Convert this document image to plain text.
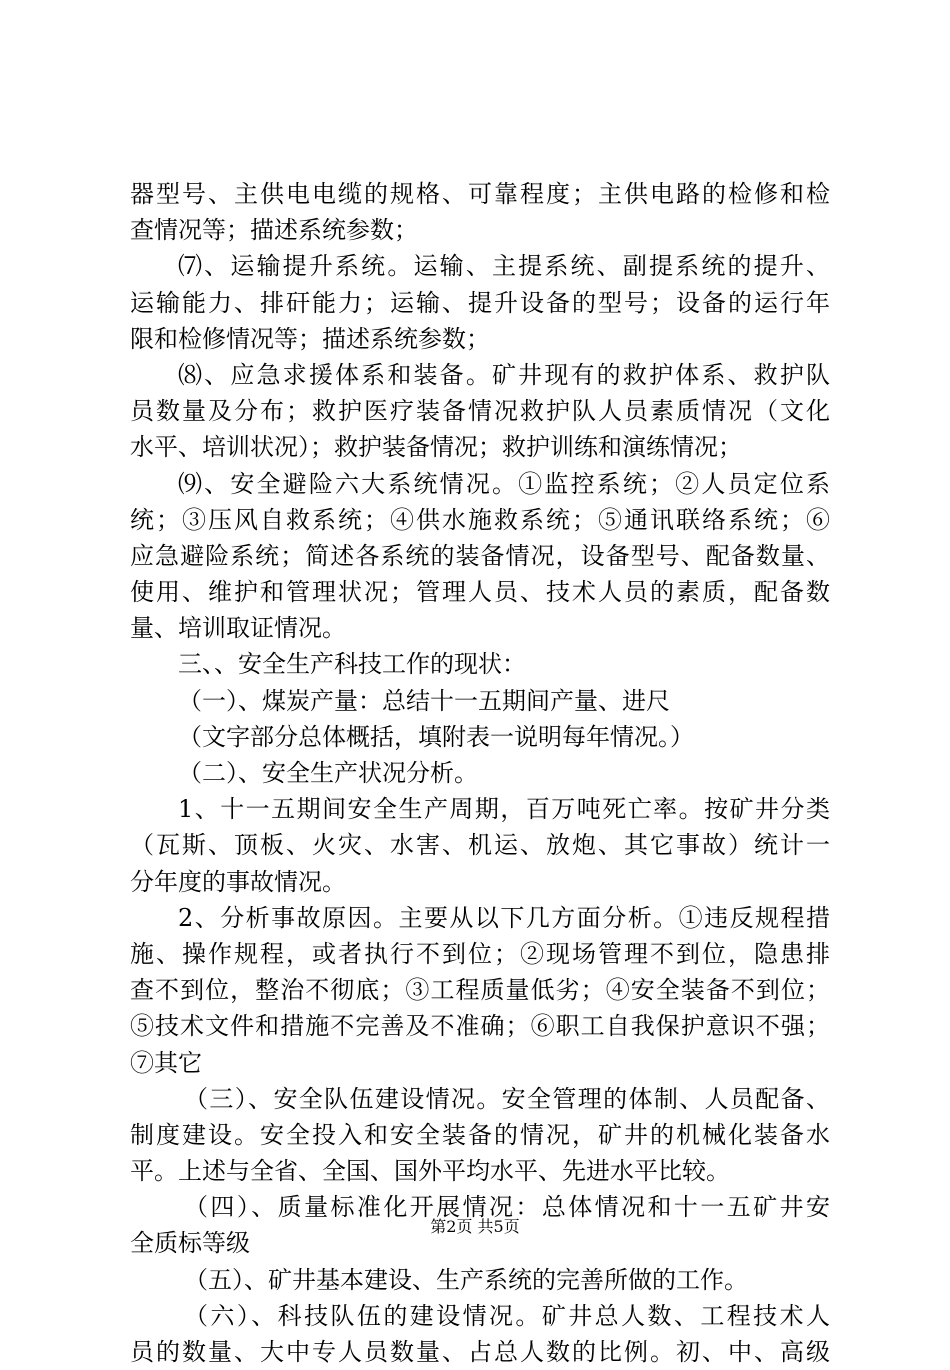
器型号、主供电电缆的规格、可靠程度；主供电路的检修和检
查情况等；描述系统参数；
⑺、运输提升系统。运输、主提系统、副提系统的提升、
运输能力、排矸能力；运输、提升设备的型号；设备的运行年
限和检修情况等；描述系统参数；
⑻、应急求援体系和装备。矿井现有的救护体系、救护队
员数量及分布；救护医疗装备情况救护队人员素质情况（文化
水平、培训状况）；救护装备情况；救护训练和演练情况；
⑼、安全避险六大系统情况。①监控系统；②人员定位系
统；③压风自救系统；④供水施救系统；⑤通讯联络系统；⑥
应急避险系统；简述各系统的装备情况，设备型号、配备数量、
使用、维护和管理状况；管理人员、技术人员的素质，配备数
量、培训取证情况。
三、、安全生产科技工作的现状：
（一）、煤炭产量：总结十一五期间产量、进尺
（文字部分总体概括，填附表一说明每年情况。）
（二）、安全生产状况分析。
1、十一五期间安全生产周期，百万吨死亡率。按矿井分类
（瓦斯、顶板、火灾、水害、机运、放炮、其它事故）统计一
分年度的事故情况。
2、分析事故原因。主要从以下几方面分析。①违反规程措
施、操作规程，或者执行不到位；②现场管理不到位，隐患排
查不到位，整治不彻底；③工程质量低劣；④安全装备不到位；
⑤技术文件和措施不完善及不准确；⑥职工自我保护意识不强；
⑦其它
（三）、安全队伍建设情况。安全管理的体制、人员配备、
制度建设。安全投入和安全装备的情况，矿井的机械化装备水
平。上述与全省、全国、国外平均水平、先进水平比较。
（四）、质量标准化开展情况：总体情况和十一五矿井安
全质标等级
（五）、矿井基本建设、生产系统的完善所做的工作。
（六）、科技队伍的建设情况。矿井总人数、工程技术人
员的数量、大中专人员数量、占总人数的比例。初、中、高级
第2页 共5页
